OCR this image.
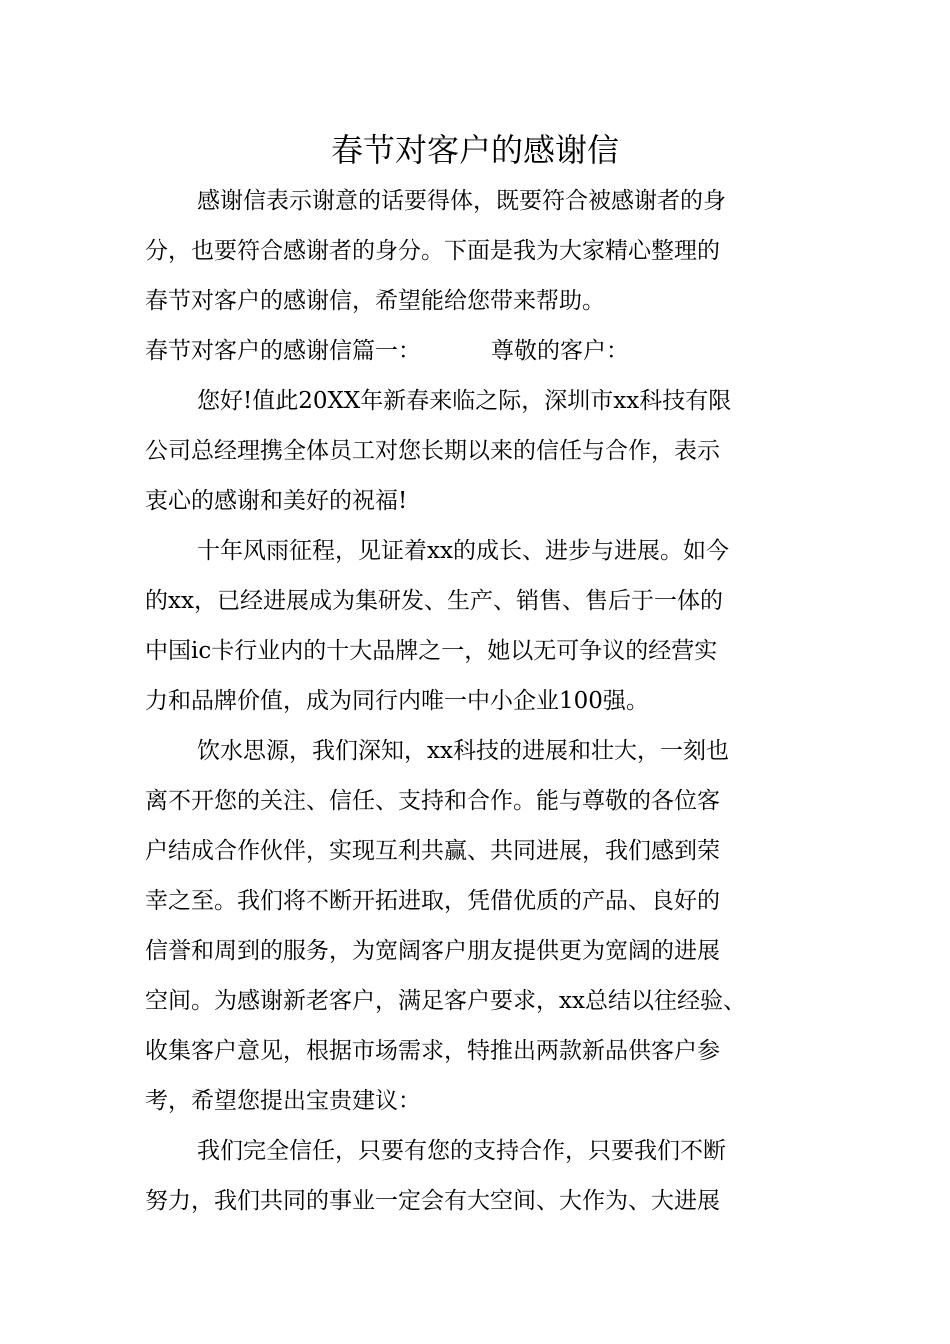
春节对客户的感谢信
感谢信表示谢意的话要得体，既要符合被感谢者的身
分，也要符合感谢者的身分。下面是我为大家精心整理的
春节对客户的感谢信，希望能给您带来帮助。
春节对客户的感谢信篇一：	尊敬的客户：
您好!值此20XX年新春来临之际，深圳市xx科技有限
公司总经理携全体员工对您长期以来的信任与合作，表示
衷心的感谢和美好的祝福!
十年风雨征程，见证着xx的成长、进步与进展。如今
的xx，已经进展成为集研发、生产、销售、售后于一体的
中国ic卡行业内的十大品牌之一，她以无可争议的经营实
力和品牌价值，成为同行内唯一中小企业100强。
饮水思源，我们深知，xx科技的进展和壮大，一刻也
离不开您的关注、信任、支持和合作。能与尊敬的各位客
户结成合作伙伴，实现互利共赢、共同进展，我们感到荣
幸之至。我们将不断开拓进取，凭借优质的产品、良好的
信誉和周到的服务，为宽阔客户朋友提供更为宽阔的进展
空间。为感谢新老客户，满足客户要求，xx总结以往经验、
收集客户意见，根据市场需求，特推出两款新品供客户参
考，希望您提出宝贵建议：
我们完全信任，只要有您的支持合作，只要我们不断
努力，我们共同的事业一定会有大空间、大作为、大进展
